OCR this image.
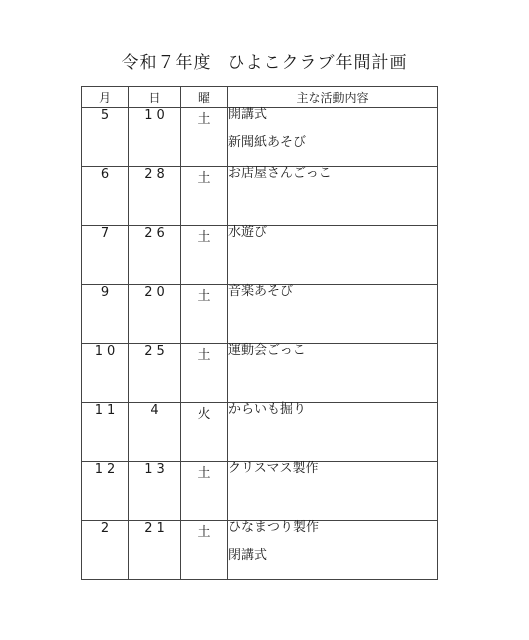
令和７年度 ひよこクラブ年間計画
月	日	曜	主な活動内容
5	10	土	開講式
新聞紙あそび

6	28	土	お店屋さんごっこ

7	26	土	水遊び

9	20	土	音楽あそび

10	25	土	運動会ごっこ

11	4	火	からいも掘り

12	13	土	クリスマス製作

2	21	土	ひなまつり製作
閉講式
